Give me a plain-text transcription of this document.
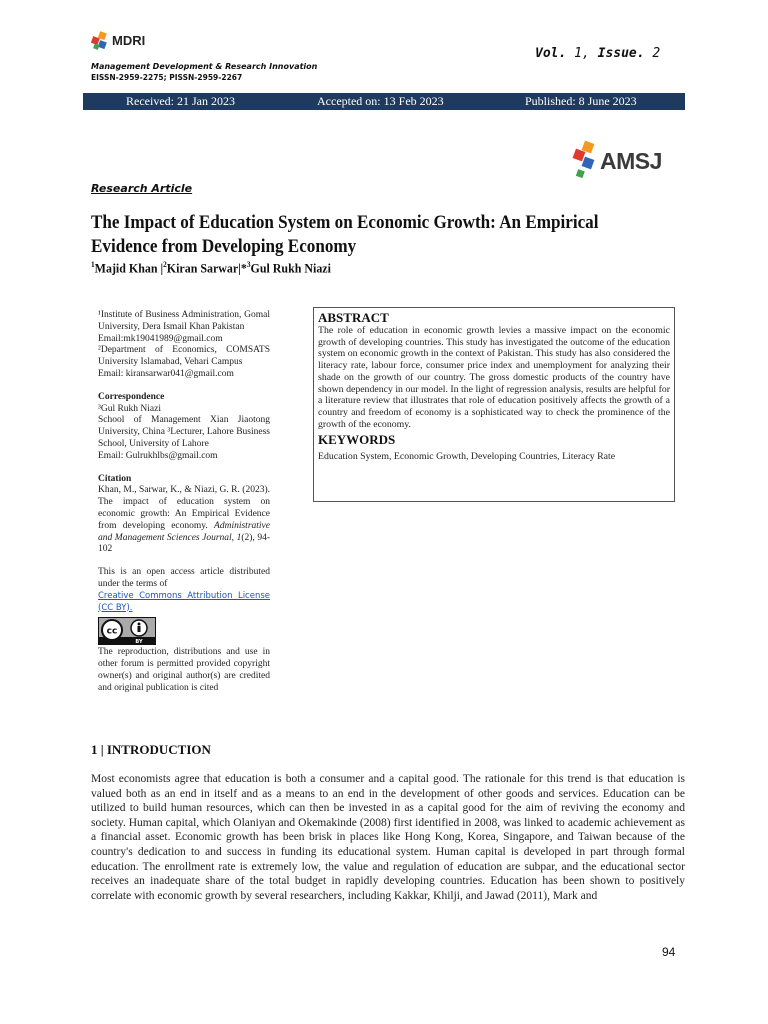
MDRI
Management Development & Research Innovation
EISSN-2959-2275; PISSN-2959-2267
Vol. 1, Issue. 2
Received: 21 Jan 2023	Accepted on: 13 Feb 2023	Published: 8 June 2023
AMSJ
Research Article
The Impact of Education System on Economic Growth: An Empirical Evidence from Developing Economy
$^1$Majid Khan $|^2Kiran$ Sarwar|*$^3$Gul Rukh Niazi

¹Institute of Business Administration, Gomal University, Dera Ismail Khan Pakistan

Email:mk19041989@gmail.com

²Department of Economics, COMSATS University Islamabad, Vehari Campus

Email: kiransarwar041@gmail.com

Correspondence

³Gul Rukh Niazi

School of Management Xian Jiaotong University, China ³Lecturer, Lahore Business School, University of Lahore

Email: Gulrukhlbs@gmail.com

Citation

Khan, M., Sarwar, K., & Niazi, G. R. (2023). The impact of education system on economic growth: An Empirical Evidence from developing economy. Administrative and Management Sciences Journal, 1(2), 94-102

This is an open access article distributed under the terms of

Creative Commons Attribution License (CC BY).

cc
BY

The reproduction, distributions and use in other forum is permitted provided copyright owner(s) and original author(s) are credited and original publication is cited

ABSTRACT
The role of education in economic growth levies a massive impact on the economic growth of developing countries. This study has investigated the outcome of the education system on economic growth in the context of Pakistan. This study has also considered the literacy rate, labour force, consumer price index and unemployment for analyzing their shade on the growth of our country. The gross domestic products of the country have shown dependency in our model. In the light of regression analysis, results are helpful for a literature review that illustrates that role of education positively affects the growth of a country and freedom of economy is a sophisticated way to check the prominence of the growth of the economy.
KEYWORDS
Education System, Economic Growth, Developing Countries, Literacy Rate
1 | INTRODUCTION
Most economists agree that education is both a consumer and a capital good. The rationale for this trend is that education is valued both as an end in itself and as a means to an end in the development of other goods and services. Education can be utilized to build human resources, which can then be invested in as a capital good for the aim of reviving the economy and society. Human capital, which Olaniyan and Okemakinde (2008) first identified in 2008, was linked to academic achievement as a financial asset. Economic growth has been brisk in places like Hong Kong, Korea, Singapore, and Taiwan because of the country's dedication to and success in funding its educational system. Human capital is developed in part through formal education. The enrollment rate is extremely low, the value and regulation of education are subpar, and the educational sector receives an inadequate share of the total budget in rapidly developing countries. Education has been shown to positively correlate with economic growth by several researchers, including Kakkar, Khilji, and Jawad (2011), Mark and
94
